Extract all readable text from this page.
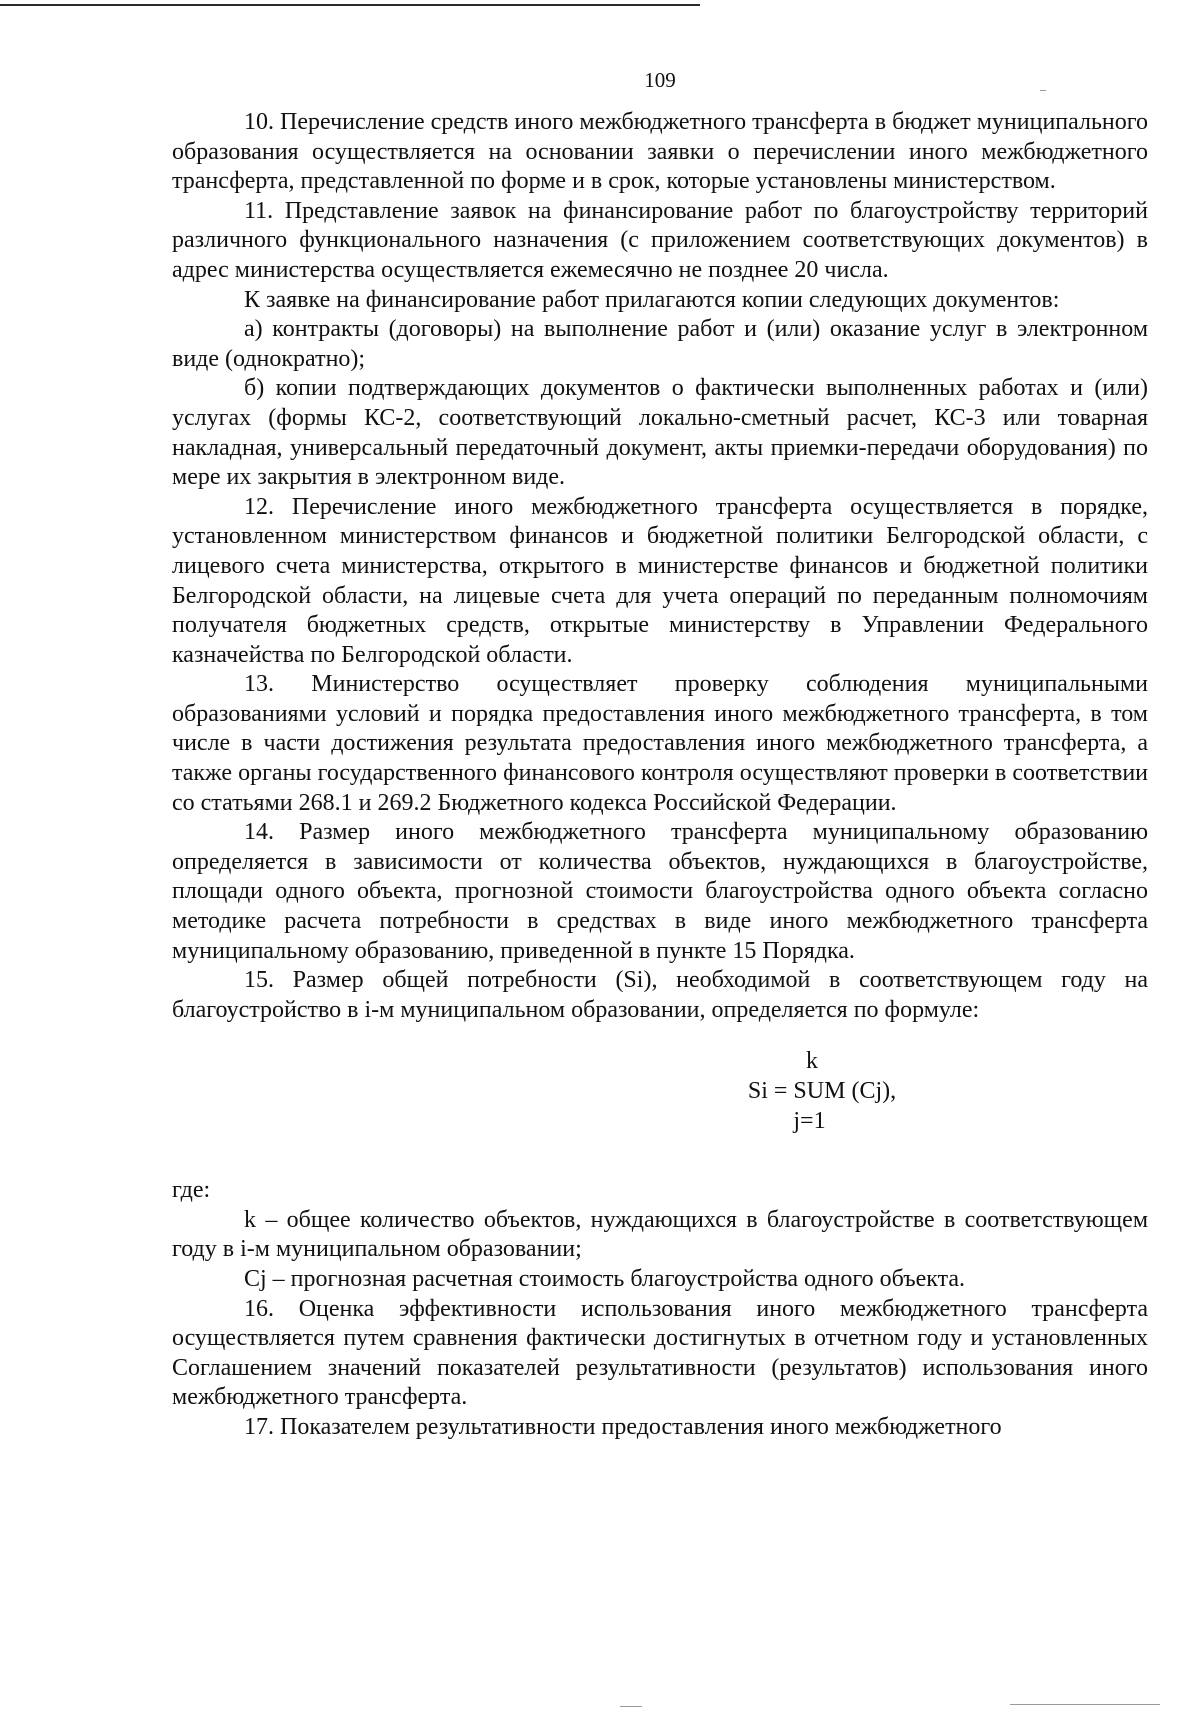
109

10. Перечисление средств иного межбюджетного трансферта в бюджет муниципального образования осуществляется на основании заявки о перечислении иного межбюджетного трансферта, представленной по форме и в срок, которые установлены министерством.

11. Представление заявок на финансирование работ по благоустройству территорий различного функционального назначения (с приложением соответствующих документов) в адрес министерства осуществляется ежемесячно не позднее 20 числа.

К заявке на финансирование работ прилагаются копии следующих документов:

а) контракты (договоры) на выполнение работ и (или) оказание услуг в электронном виде (однократно);

б) копии подтверждающих документов о фактически выполненных работах и (или) услугах (формы КС-2, соответствующий локально-сметный расчет, КС-3 или товарная накладная, универсальный передаточный документ, акты приемки-передачи оборудования) по мере их закрытия в электронном виде.

12. Перечисление иного межбюджетного трансферта осуществляется в порядке, установленном министерством финансов и бюджетной политики Белгородской области, с лицевого счета министерства, открытого в министерстве финансов и бюджетной политики Белгородской области, на лицевые счета для учета операций по переданным полномочиям получателя бюджетных средств, открытые министерству в Управлении Федерального казначейства по Белгородской области.

13. Министерство осуществляет проверку соблюдения муниципальными образованиями условий и порядка предоставления иного межбюджетного трансферта, в том числе в части достижения результата предоставления иного межбюджетного трансферта, а также органы государственного финансового контроля осуществляют проверки в соответствии со статьями 268.1 и 269.2 Бюджетного кодекса Российской Федерации.

14. Размер иного межбюджетного трансферта муниципальному образованию определяется в зависимости от количества объектов, нуждающихся в благоустройстве, площади одного объекта, прогнозной стоимости благоустройства одного объекта согласно методике расчета потребности в средствах в виде иного межбюджетного трансферта муниципальному образованию, приведенной в пункте 15 Порядка.

15. Размер общей потребности (Si), необходимой в соответствующем году на благоустройство в i-м муниципальном образовании, определяется по формуле:

k
Si = SUM (Cj),
j=1

где:

k – общее количество объектов, нуждающихся в благоустройстве в соответствующем году в i-м муниципальном образовании;

Cj – прогнозная расчетная стоимость благоустройства одного объекта.

16. Оценка эффективности использования иного межбюджетного трансферта осуществляется путем сравнения фактически достигнутых в отчетном году и установленных Соглашением значений показателей результативности (результатов) использования иного межбюджетного трансферта.

17. Показателем результативности предоставления иного межбюджетного
